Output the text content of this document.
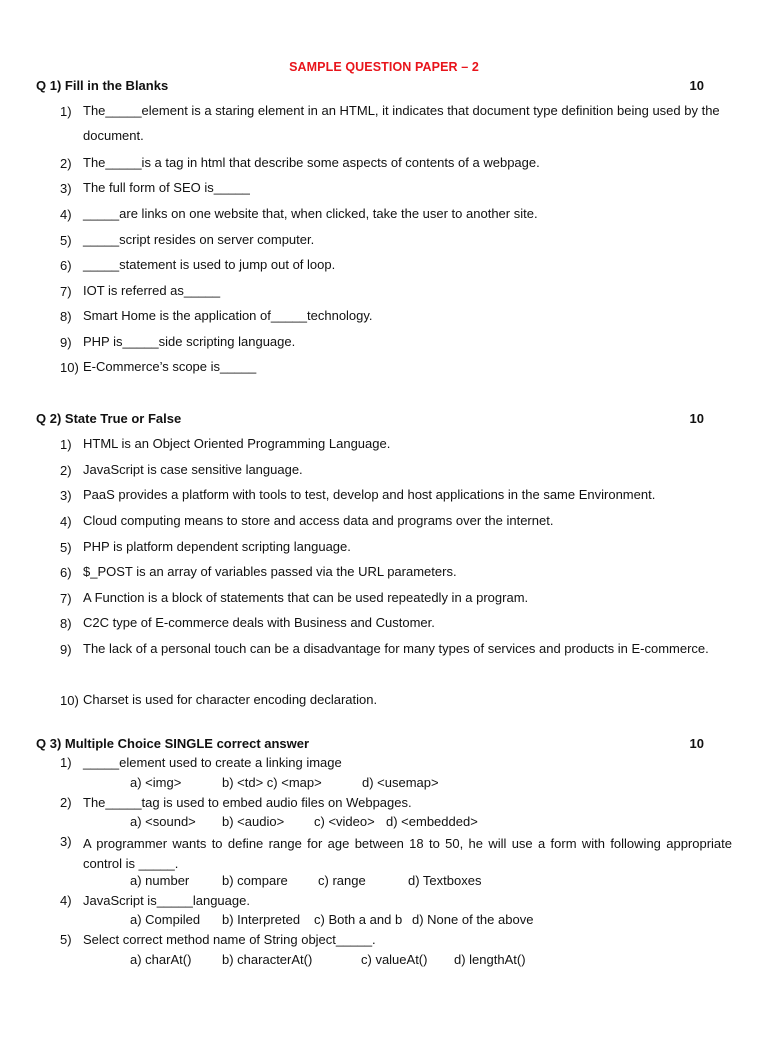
SAMPLE QUESTION PAPER – 2
Q 1) Fill in the Blanks	10
1) The_____element is a staring element in an HTML, it indicates that document type definition being used by the document.
2) The_____is a tag in html that describe some aspects of contents of a webpage.
3) The full form of SEO is_____
4) _____are links on one website that, when clicked, take the user to another site.
5) _____script resides on server computer.
6) _____statement is used to jump out of loop.
7) IOT is referred as_____
8) Smart Home is the application of_____technology.
9) PHP is_____side scripting language.
10) E-Commerce’s scope is_____
Q 2) State True or False	10
1) HTML is an Object Oriented Programming Language.
2) JavaScript is case sensitive language.
3) PaaS provides a platform with tools to test, develop and host applications in the same Environment.
4) Cloud computing means to store and access data and programs over the internet.
5) PHP is platform dependent scripting language.
6) $_POST is an array of variables passed via the URL parameters.
7) A Function is a block of statements that can be used repeatedly in a program.
8) C2C type of E-commerce deals with Business and Customer.
9) The lack of a personal touch can be a disadvantage for many types of services and products in E-commerce.
10) Charset is used for character encoding declaration.
Q 3) Multiple Choice SINGLE correct answer	10
1) _____element used to create a linking image

a) <img>

	b) <td> c) <map>

	d) <usemap>

2) The_____tag is used to embed audio files on Webpages.

a) <sound>

b) <audio>

c) <video>

d) <embedded>

3) A programmer wants to define range for age between 18 to 50, he will use a form with following appropriate control is _____.

a) number

	b) compare

c) range

	d) Textboxes

4) JavaScript is_____language.

a) Compiled

b) Interpreted

c) Both a and b

d) None of the above

5) Select correct method name of String object_____.

a) charAt()

b) characterAt()

	c) valueAt()

d) lengthAt()
